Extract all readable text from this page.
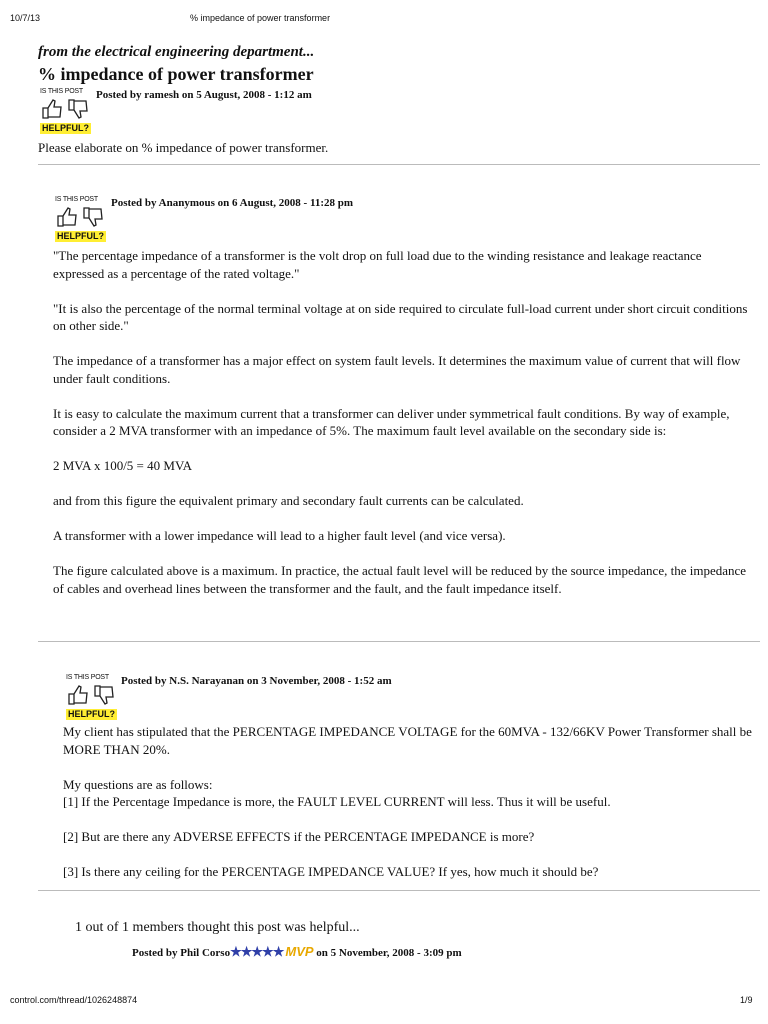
10/7/13	% impedance of power transformer
from the electrical engineering department...
% impedance of power transformer
IS THIS POST
HELPFUL?
Posted by ramesh on 5 August, 2008 - 1:12 am

Please elaborate on % impedance of power transformer.

IS THIS POST
HELPFUL?
Posted by Ananymous on 6 August, 2008 - 11:28 pm

"The percentage impedance of a transformer is the volt drop on full load due to the winding resistance and leakage reactance expressed as a percentage of the rated voltage."

"It is also the percentage of the normal terminal voltage at on side required to circulate full-load current under short circuit conditions on other side."

The impedance of a transformer has a major effect on system fault levels. It determines the maximum value of current that will flow under fault conditions.

It is easy to calculate the maximum current that a transformer can deliver under symmetrical fault conditions. By way of example, consider a 2 MVA transformer with an impedance of 5%. The maximum fault level available on the secondary side is:

2 MVA x 100/5 = 40 MVA

and from this figure the equivalent primary and secondary fault currents can be calculated.

A transformer with a lower impedance will lead to a higher fault level (and vice versa).

The figure calculated above is a maximum. In practice, the actual fault level will be reduced by the source impedance, the impedance of cables and overhead lines between the transformer and the fault, and the fault impedance itself.

IS THIS POST
HELPFUL?
Posted by N.S. Narayanan on 3 November, 2008 - 1:52 am

My client has stipulated that the PERCENTAGE IMPEDANCE VOLTAGE for the 60MVA - 132/66KV Power Transformer shall be MORE THAN 20%.

My questions are as follows:
[1] If the Percentage Impedance is more, the FAULT LEVEL CURRENT will less. Thus it will be useful.

[2] But are there any ADVERSE EFFECTS if the PERCENTAGE IMPEDANCE is more?

[3] Is there any ceiling for the PERCENTAGE IMPEDANCE VALUE? If yes, how much it should be?

1 out of 1 members thought this post was helpful...
Posted by Phil Corso★★★★★ MVP on 5 November, 2008 - 3:09 pm
control.com/thread/1026248874	1/9
